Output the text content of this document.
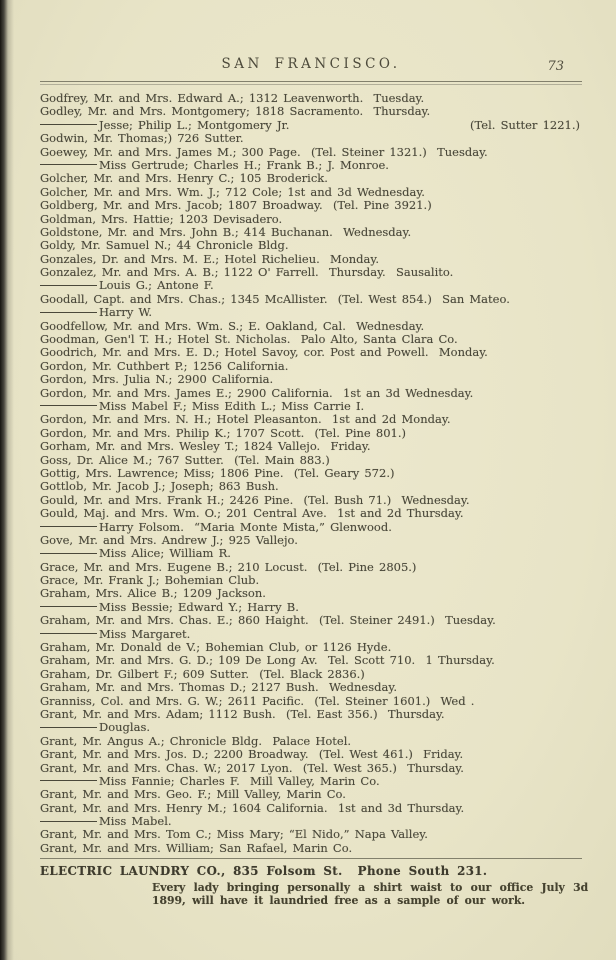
SAN FRANCISCO.	73
Godfrey, Mr. and Mrs. Edward A.; 1312 Leavenworth.  Tuesday.
Godley, Mr. and Mrs. Montgomery; 1818 Sacramento.  Thursday.
Jesse; Philip L.; Montgomery Jr.	(Tel. Sutter 1221.)
Godwin, Mr. Thomas;) 726 Sutter.
Goewey, Mr. and Mrs. James M.; 300 Page.  (Tel. Steiner 1321.)  Tuesday.
Miss Gertrude; Charles H.; Frank B.; J. Monroe.
Golcher, Mr. and Mrs. Henry C.; 105 Broderick.
Golcher, Mr. and Mrs. Wm. J.; 712 Cole; 1st and 3d Wednesday.
Goldberg, Mr. and Mrs. Jacob; 1807 Broadway.  (Tel. Pine 3921.)
Goldman, Mrs. Hattie; 1203 Devisadero.
Goldstone, Mr. and Mrs. John B.; 414 Buchanan.  Wednesday.
Goldy, Mr. Samuel N.; 44 Chronicle Bldg.
Gonzales, Dr. and Mrs. M. E.; Hotel Richelieu.  Monday.
Gonzalez, Mr. and Mrs. A. B.; 1122 O' Farrell.  Thursday.  Sausalito.
Louis G.; Antone F.
Goodall, Capt. and Mrs. Chas.; 1345 McAllister.  (Tel. West 854.)  San Mateo.
Harry W.
Goodfellow, Mr. and Mrs. Wm. S.; E. Oakland, Cal.  Wednesday.
Goodman, Gen'l T. H.; Hotel St. Nicholas.  Palo Alto, Santa Clara Co.
Goodrich, Mr. and Mrs. E. D.; Hotel Savoy, cor. Post and Powell.  Monday.
Gordon, Mr. Cuthbert P.; 1256 California.
Gordon, Mrs. Julia N.; 2900 California.
Gordon, Mr. and Mrs. James E.; 2900 California.  1st an 3d Wednesday.
Miss Mabel F.; Miss Edith L.; Miss Carrie I.
Gordon, Mr. and Mrs. N. H.; Hotel Pleasanton.  1st and 2d Monday.
Gordon, Mr. and Mrs. Philip K.; 1707 Scott.  (Tel. Pine 801.)
Gorham, Mr. and Mrs. Wesley T.; 1824 Vallejo.  Friday.
Goss, Dr. Alice M.; 767 Sutter.  (Tel. Main 883.)
Gottig, Mrs. Lawrence; Miss; 1806 Pine.  (Tel. Geary 572.)
Gottlob, Mr. Jacob J.; Joseph; 863 Bush.
Gould, Mr. and Mrs. Frank H.; 2426 Pine.  (Tel. Bush 71.)  Wednesday.
Gould, Maj. and Mrs. Wm. O.; 201 Central Ave.  1st and 2d Thursday.
Harry Folsom.  “Maria Monte Mista,” Glenwood.
Gove, Mr. and Mrs. Andrew J.; 925 Vallejo.
Miss Alice; William R.
Grace, Mr. and Mrs. Eugene B.; 210 Locust.  (Tel. Pine 2805.)
Grace, Mr. Frank J.; Bohemian Club.
Graham, Mrs. Alice B.; 1209 Jackson.
Miss Bessie; Edward Y.; Harry B.
Graham, Mr. and Mrs. Chas. E.; 860 Haight.  (Tel. Steiner 2491.)  Tuesday.
Miss Margaret.
Graham, Mr. Donald de V.; Bohemian Club, or 1126 Hyde.
Graham, Mr. and Mrs. G. D.; 109 De Long Av.  Tel. Scott 710.  1 Thursday.
Graham, Dr. Gilbert F.; 609 Sutter.  (Tel. Black 2836.)
Graham, Mr. and Mrs. Thomas D.; 2127 Bush.  Wednesday.
Granniss, Col. and Mrs. G. W.; 2611 Pacific.  (Tel. Steiner 1601.)  Wed .
Grant, Mr. and Mrs. Adam; 1112 Bush.  (Tel. East 356.)  Thursday.
Douglas.
Grant, Mr. Angus A.; Chronicle Bldg.  Palace Hotel.
Grant, Mr. and Mrs. Jos. D.; 2200 Broadway.  (Tel. West 461.)  Friday.
Grant, Mr. and Mrs. Chas. W.; 2017 Lyon.  (Tel. West 365.)  Thursday.
Miss Fannie; Charles F.  Mill Valley, Marin Co.
Grant, Mr. and Mrs. Geo. F.; Mill Valley, Marin Co.
Grant, Mr. and Mrs. Henry M.; 1604 California.  1st and 3d Thursday.
Miss Mabel.
Grant, Mr. and Mrs. Tom C.; Miss Mary; “El Nido,” Napa Valley.
Grant, Mr. and Mrs. William; San Rafael, Marin Co.
ELECTRIC LAUNDRY CO., 835 Folsom St.  Phone South 231.
Every lady bringing personally a shirt waist to our office July 3d
1899, will have it laundried free as a sample of our work.
